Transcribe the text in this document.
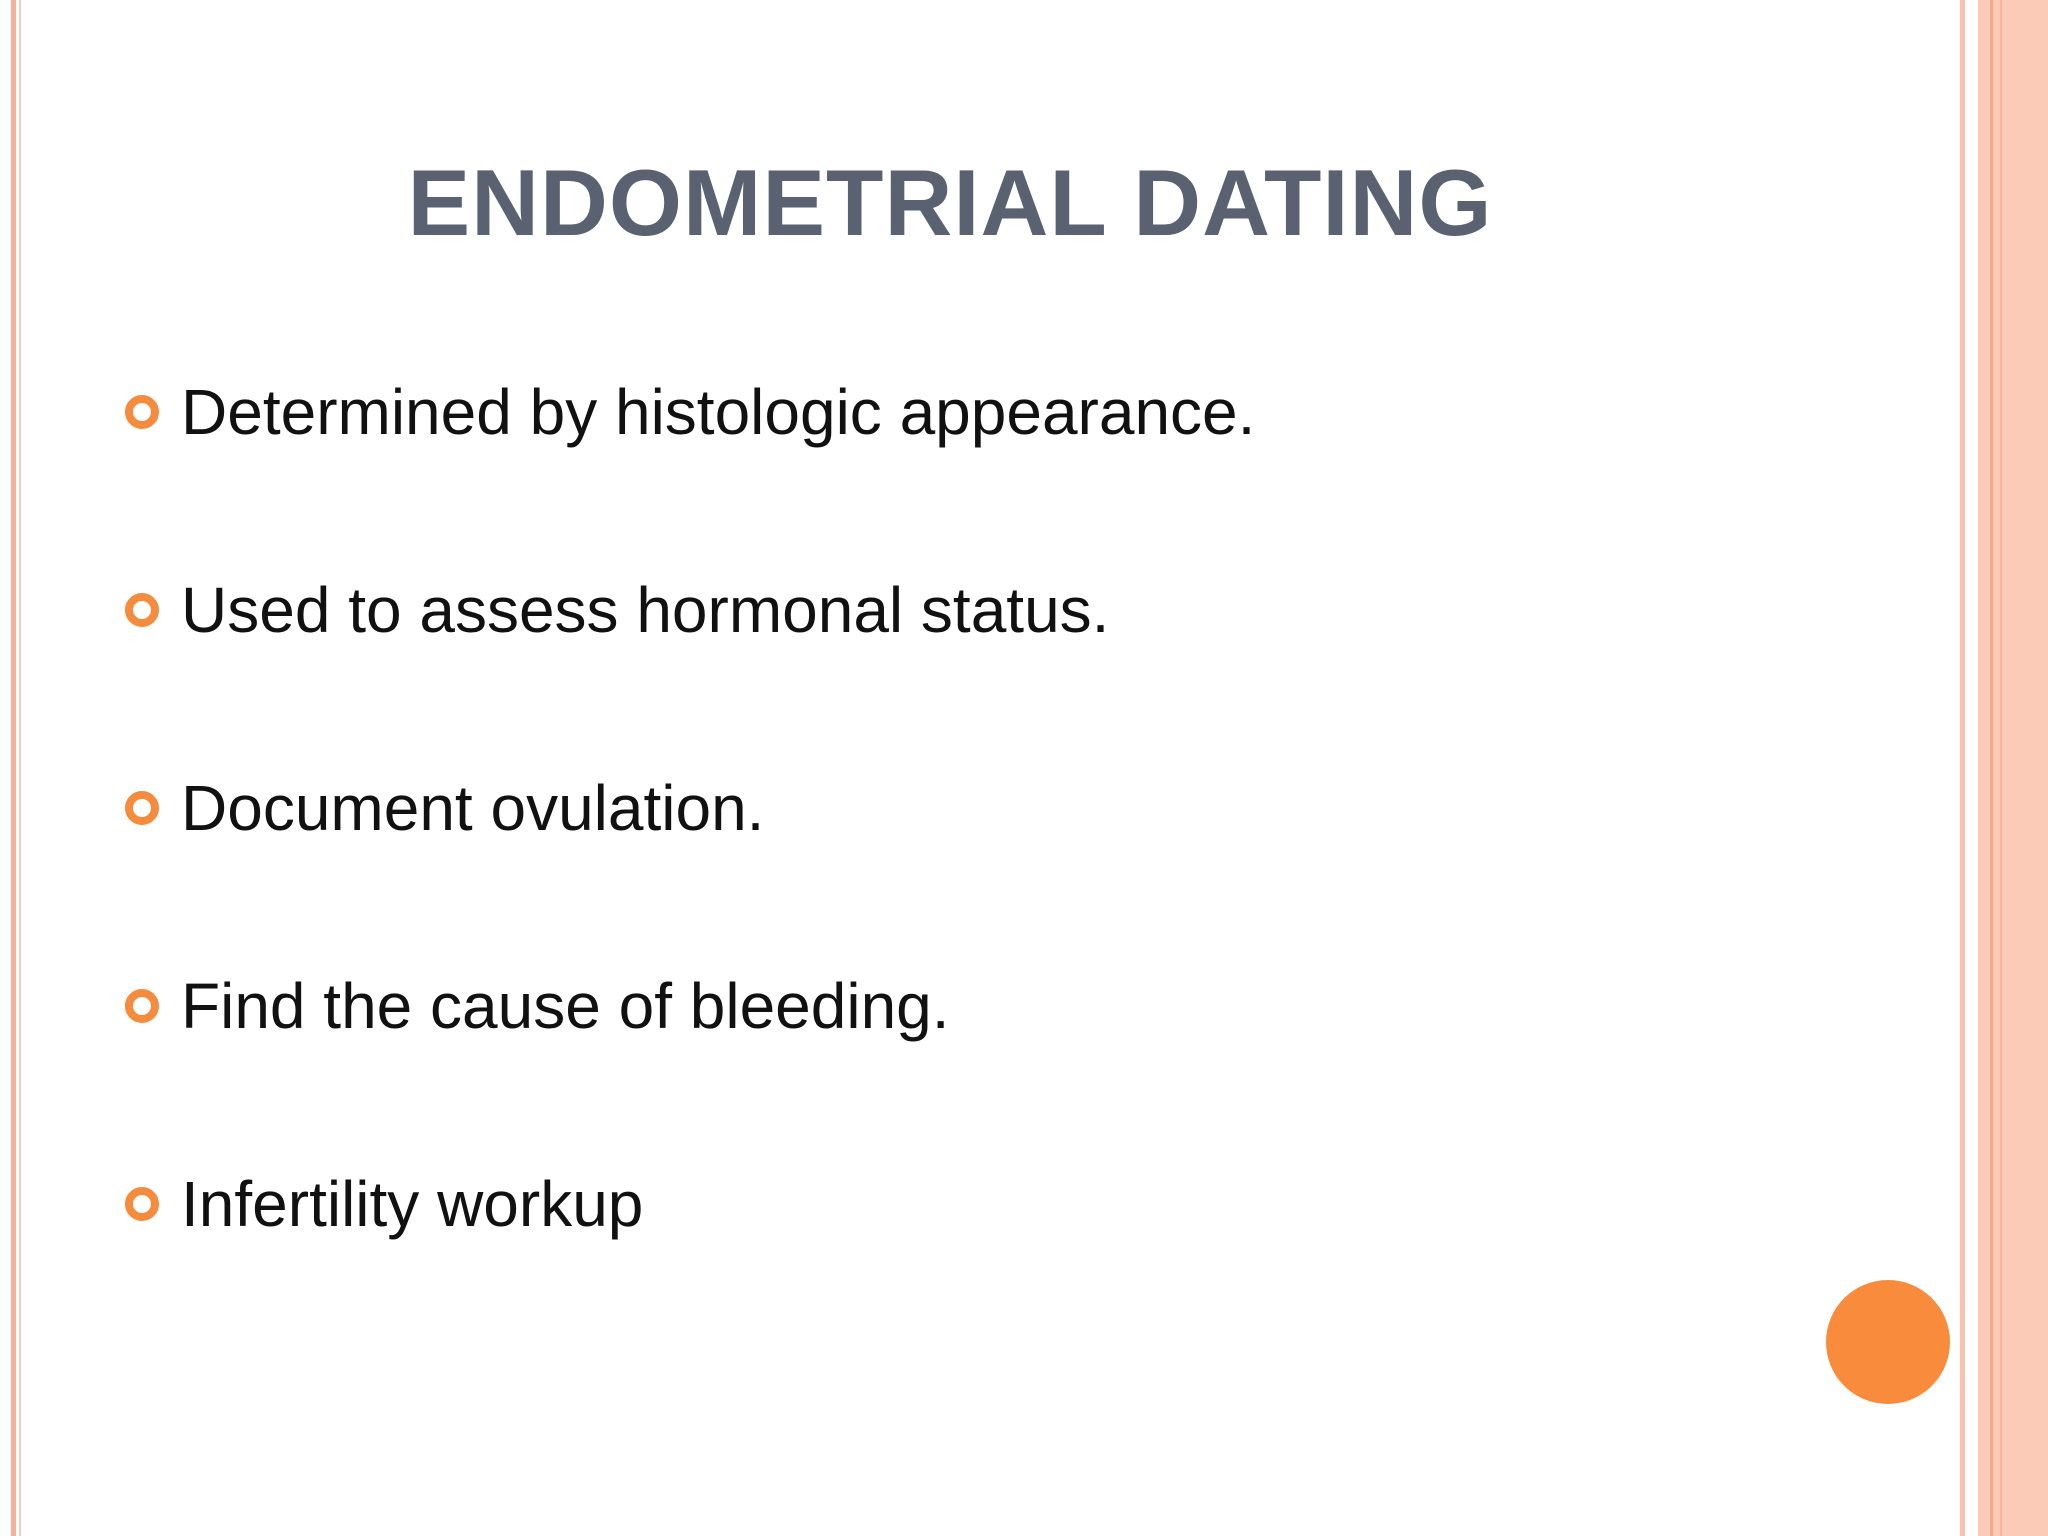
ENDOMETRIAL DATING
Determined by histologic appearance.
Used to assess hormonal status.
Document ovulation.
Find the cause of bleeding.
Infertility workup
